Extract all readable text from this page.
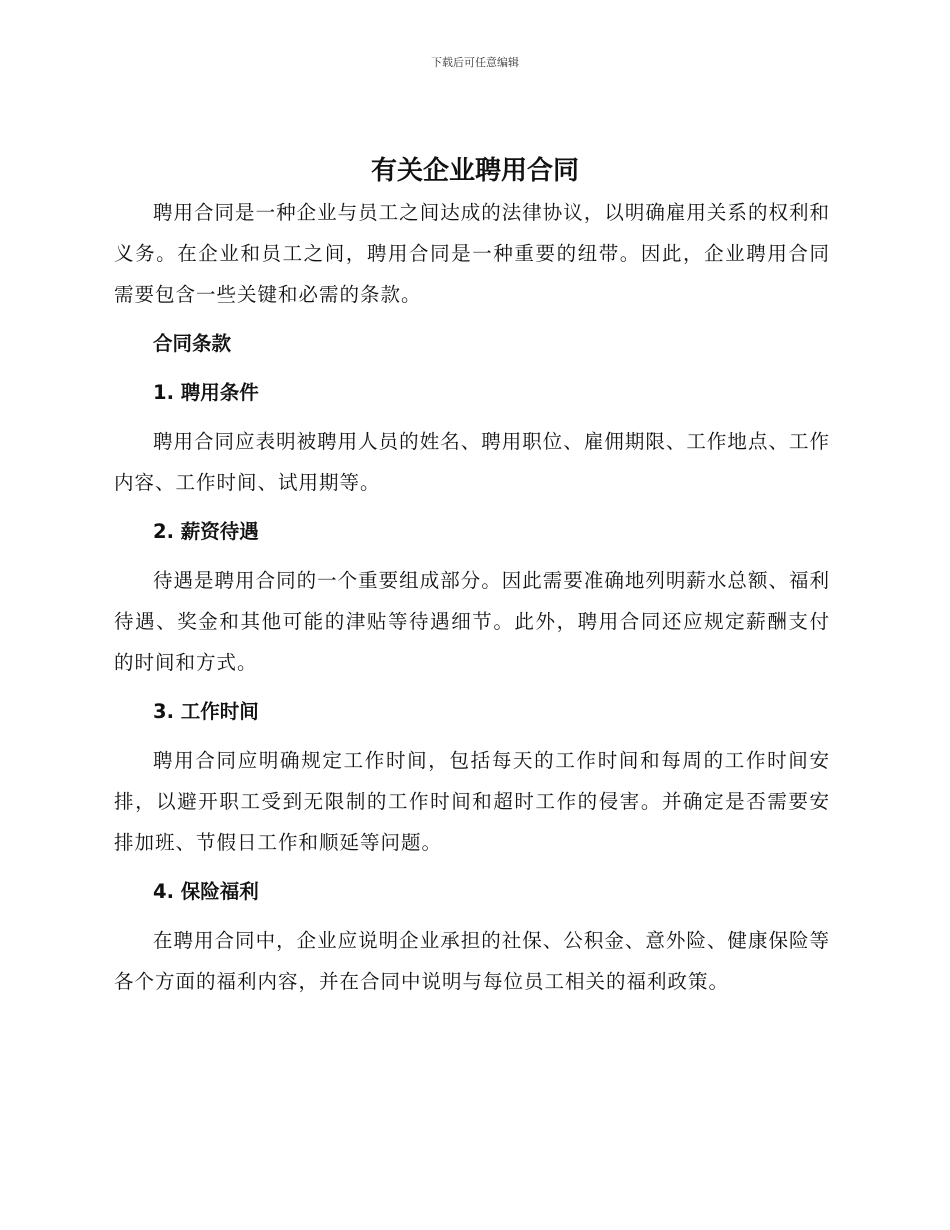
下载后可任意编辑
有关企业聘用合同

聘用合同是一种企业与员工之间达成的法律协议，以明确雇用关系的权利和义务。在企业和员工之间，聘用合同是一种重要的纽带。因此，企业聘用合同需要包含一些关键和必需的条款。

合同条款

1. 聘用条件

聘用合同应表明被聘用人员的姓名、聘用职位、雇佣期限、工作地点、工作内容、工作时间、试用期等。

2. 薪资待遇

待遇是聘用合同的一个重要组成部分。因此需要准确地列明薪水总额、福利待遇、奖金和其他可能的津贴等待遇细节。此外，聘用合同还应规定薪酬支付的时间和方式。

3. 工作时间

聘用合同应明确规定工作时间，包括每天的工作时间和每周的工作时间安排，以避开职工受到无限制的工作时间和超时工作的侵害。并确定是否需要安排加班、节假日工作和顺延等问题。

4. 保险福利

在聘用合同中，企业应说明企业承担的社保、公积金、意外险、健康保险等各个方面的福利内容，并在合同中说明与每位员工相关的福利政策。
